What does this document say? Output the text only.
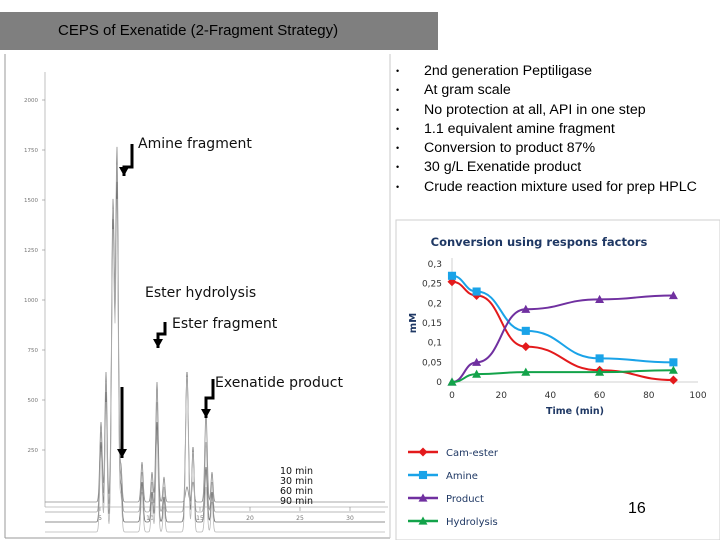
CEPS of Exenatide (2-Fragment Strategy)
2000
1750
1500
1250
1000
750
500
250
5	10	15	20	25	30
Amine fragment
Ester hydrolysis
Ester fragment
Exenatide product
10 min
30 min
60 min
90 min
• 2nd generation Peptiligase
• At gram scale
• No protection at all, API in one step
• 1.1 equivalent amine fragment
• Conversion to product 87%
• 30 g/L Exenatide product
• Crude reaction mixture used for prep HPLC
Conversion using respons factors
mM
Time (min)
0
0,05
0,1
0,15
0,2
0,25
0,3
0	20	40	60	80	100
Cam-ester
Amine
Product
Hydrolysis
16
